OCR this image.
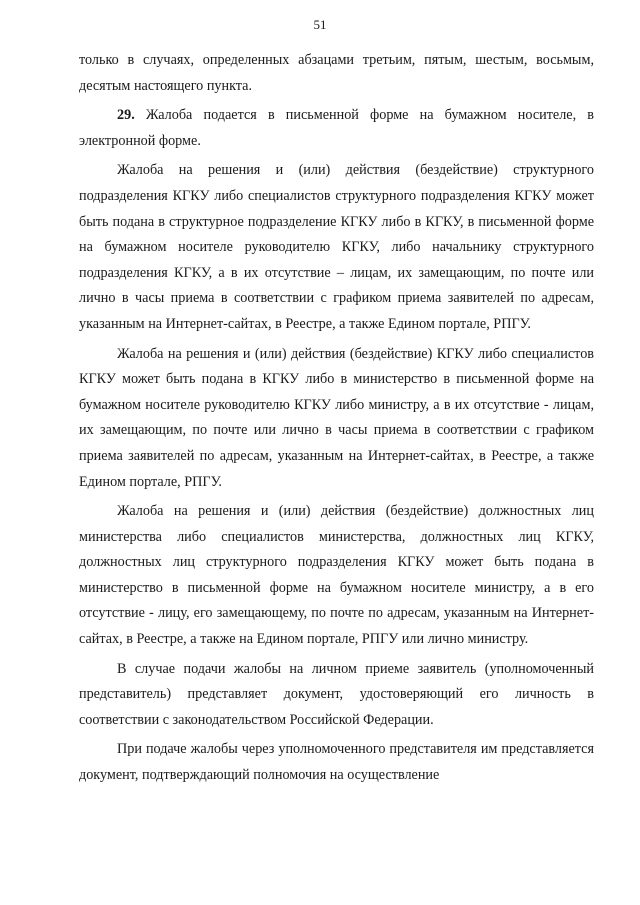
51

только в случаях, определенных абзацами третьим, пятым, шестым, восьмым, десятым настоящего пункта.

29. Жалоба подается в письменной форме на бумажном носителе, в электронной форме.

Жалоба на решения и (или) действия (бездействие) структурного подразделения КГКУ либо специалистов структурного подразделения КГКУ может быть подана в структурное подразделение КГКУ либо в КГКУ, в письменной форме на бумажном носителе руководителю КГКУ, либо начальнику структурного подразделения КГКУ, а в их отсутствие – лицам, их замещающим, по почте или лично в часы приема в соответствии с графиком приема заявителей по адресам, указанным на Интернет-сайтах, в Реестре, а также Едином портале, РПГУ.

Жалоба на решения и (или) действия (бездействие) КГКУ либо специалистов КГКУ может быть подана в КГКУ либо в министерство в письменной форме на бумажном носителе руководителю КГКУ либо министру, а в их отсутствие - лицам, их замещающим, по почте или лично в часы приема в соответствии с графиком приема заявителей по адресам, указанным на Интернет-сайтах, в Реестре, а также Едином портале, РПГУ.

Жалоба на решения и (или) действия (бездействие) должностных лиц министерства либо специалистов министерства, должностных лиц КГКУ, должностных лиц структурного подразделения КГКУ может быть подана в министерство в письменной форме на бумажном носителе министру, а в его отсутствие - лицу, его замещающему, по почте по адресам, указанным на Интернет-сайтах, в Реестре, а также на Едином портале, РПГУ или лично министру.

В случае подачи жалобы на личном приеме заявитель (уполномоченный представитель) представляет документ, удостоверяющий его личность в соответствии с законодательством Российской Федерации.

При подаче жалобы через уполномоченного представителя им представляется документ, подтверждающий полномочия на осуществление
